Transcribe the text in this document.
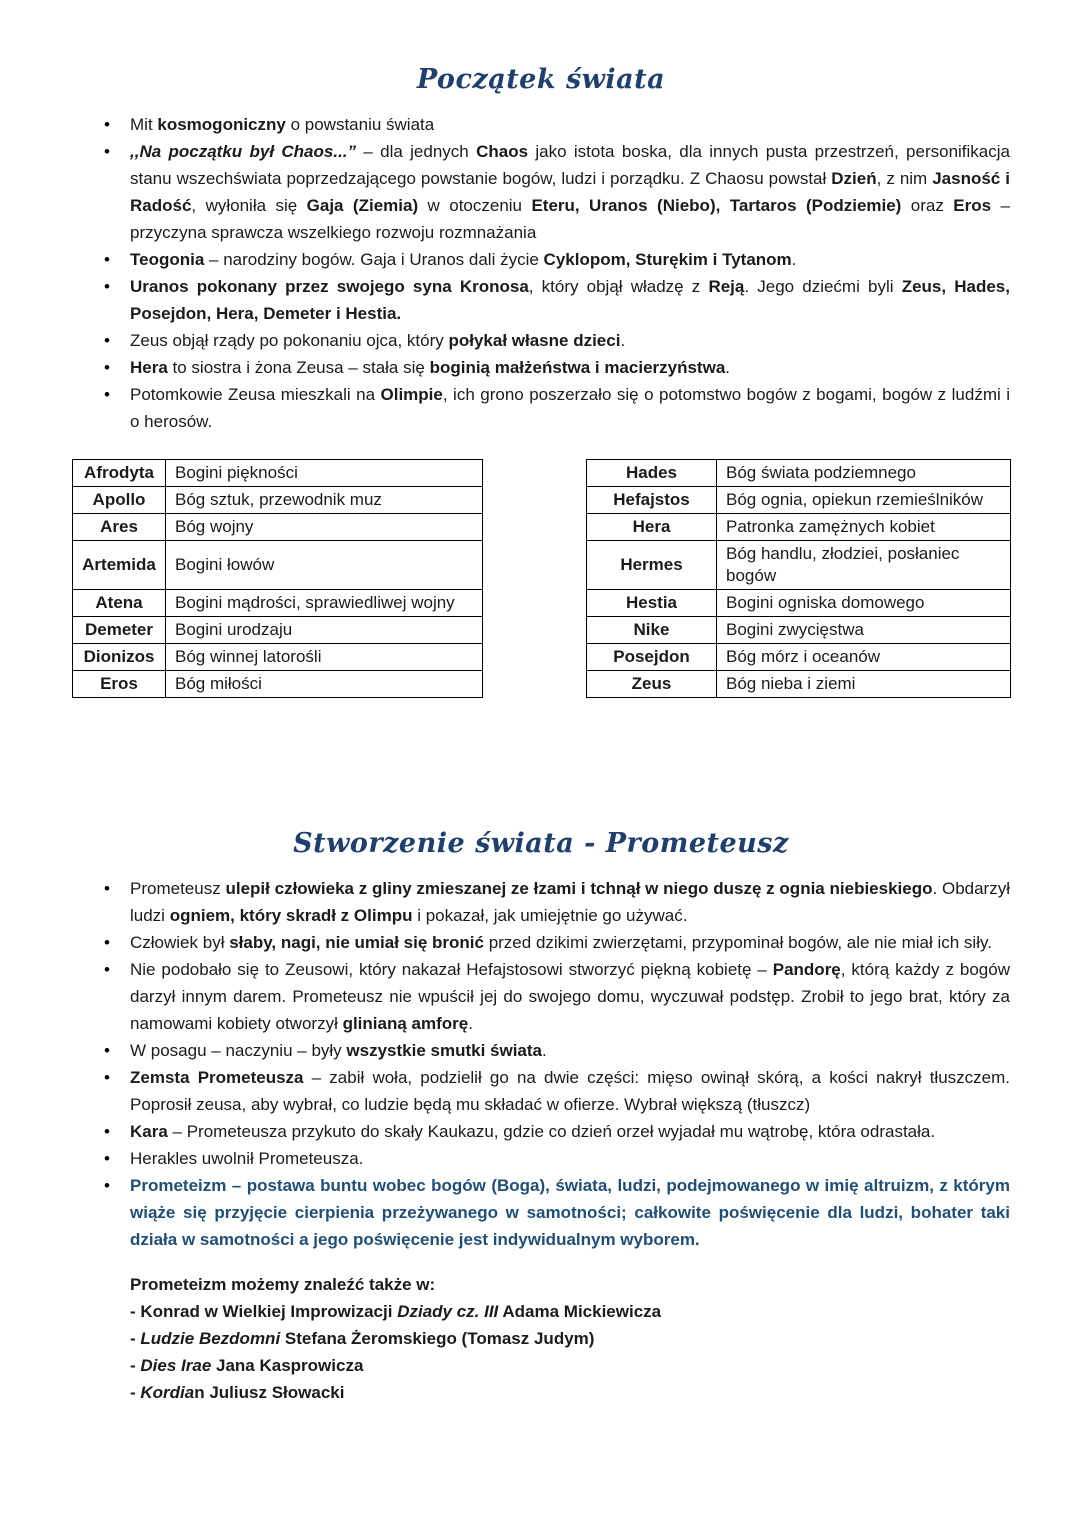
Początek świata
•	Mit kosmogoniczny o powstaniu świata
•	,,Na początku był Chaos...” – dla jednych Chaos jako istota boska, dla innych pusta przestrzeń, personifikacja stanu wszechświata poprzedzającego powstanie bogów, ludzi i porządku. Z Chaosu powstał Dzień, z nim Jasność i Radość, wyłoniła się Gaja (Ziemia) w otoczeniu Eteru, Uranos (Niebo), Tartaros (Podziemie) oraz Eros – przyczyna sprawcza wszelkiego rozwoju rozmnażania
•	Teogonia – narodziny bogów. Gaja i Uranos dali życie Cyklopom, Sturękim i Tytanom.
•	Uranos pokonany przez swojego syna Kronosa, który objął władzę z Reją. Jego dziećmi byli Zeus, Hades, Posejdon, Hera, Demeter i Hestia.
•	Zeus objął rządy po pokonaniu ojca, który połykał własne dzieci.
•	Hera to siostra i żona Zeusa – stała się boginią małżeństwa i macierzyństwa.
•	Potomkowie Zeusa mieszkali na Olimpie, ich grono poszerzało się o potomstwo bogów z bogami, bogów z ludźmi i o herosów.
Afrodyta	Bogini piękności		Hades	Bóg świata podziemnego
Apollo	Bóg sztuk, przewodnik muz		Hefajstos	Bóg ognia, opiekun rzemieślników
Ares	Bóg wojny		Hera	Patronka zamężnych kobiet
Artemida	Bogini łowów		Hermes	Bóg handlu, złodziei, posłaniec bogów
Atena	Bogini mądrości, sprawiedliwej wojny		Hestia	Bogini ogniska domowego
Demeter	Bogini urodzaju		Nike	Bogini zwycięstwa
Dionizos	Bóg winnej latorośli		Posejdon	Bóg mórz i oceanów
Eros	Bóg miłości		Zeus	Bóg nieba i ziemi
Stworzenie świata - Prometeusz
•	Prometeusz ulepił człowieka z gliny zmieszanej ze łzami i tchnął w niego duszę z ognia niebieskiego. Obdarzył ludzi ogniem, który skradł z Olimpu i pokazał, jak umiejętnie go używać.
•	Człowiek był słaby, nagi, nie umiał się bronić przed dzikimi zwierzętami, przypominał bogów, ale nie miał ich siły.
•	Nie podobało się to Zeusowi, który nakazał Hefajstosowi stworzyć piękną kobietę – Pandorę, którą każdy z bogów darzył innym darem. Prometeusz nie wpuścił jej do swojego domu, wyczuwał podstęp. Zrobił to jego brat, który za namowami kobiety otworzył glinianą amforę.
•	W posagu – naczyniu – były wszystkie smutki świata.
•	Zemsta Prometeusza – zabił woła, podzielił go na dwie części: mięso owinął skórą, a kości nakrył tłuszczem. Poprosił zeusa, aby wybrał, co ludzie będą mu składać w ofierze. Wybrał większą (tłuszcz)
•	Kara – Prometeusza przykuto do skały Kaukazu, gdzie co dzień orzeł wyjadał mu wątrobę, która odrastała.
•	Herakles uwolnił Prometeusza.
•	Prometeizm – postawa buntu wobec bogów (Boga), świata, ludzi, podejmowanego w imię altruizm, z którym wiąże się przyjęcie cierpienia przeżywanego w samotności; całkowite poświęcenie dla ludzi, bohater taki działa w samotności a jego poświęcenie jest indywidualnym wyborem.
Prometeizm możemy znaleźć także w:
- Konrad w Wielkiej Improwizacji Dziady cz. III Adama Mickiewicza
- Ludzie Bezdomni Stefana Żeromskiego (Tomasz Judym)
- Dies Irae Jana Kasprowicza
- Kordian Juliusz Słowacki
